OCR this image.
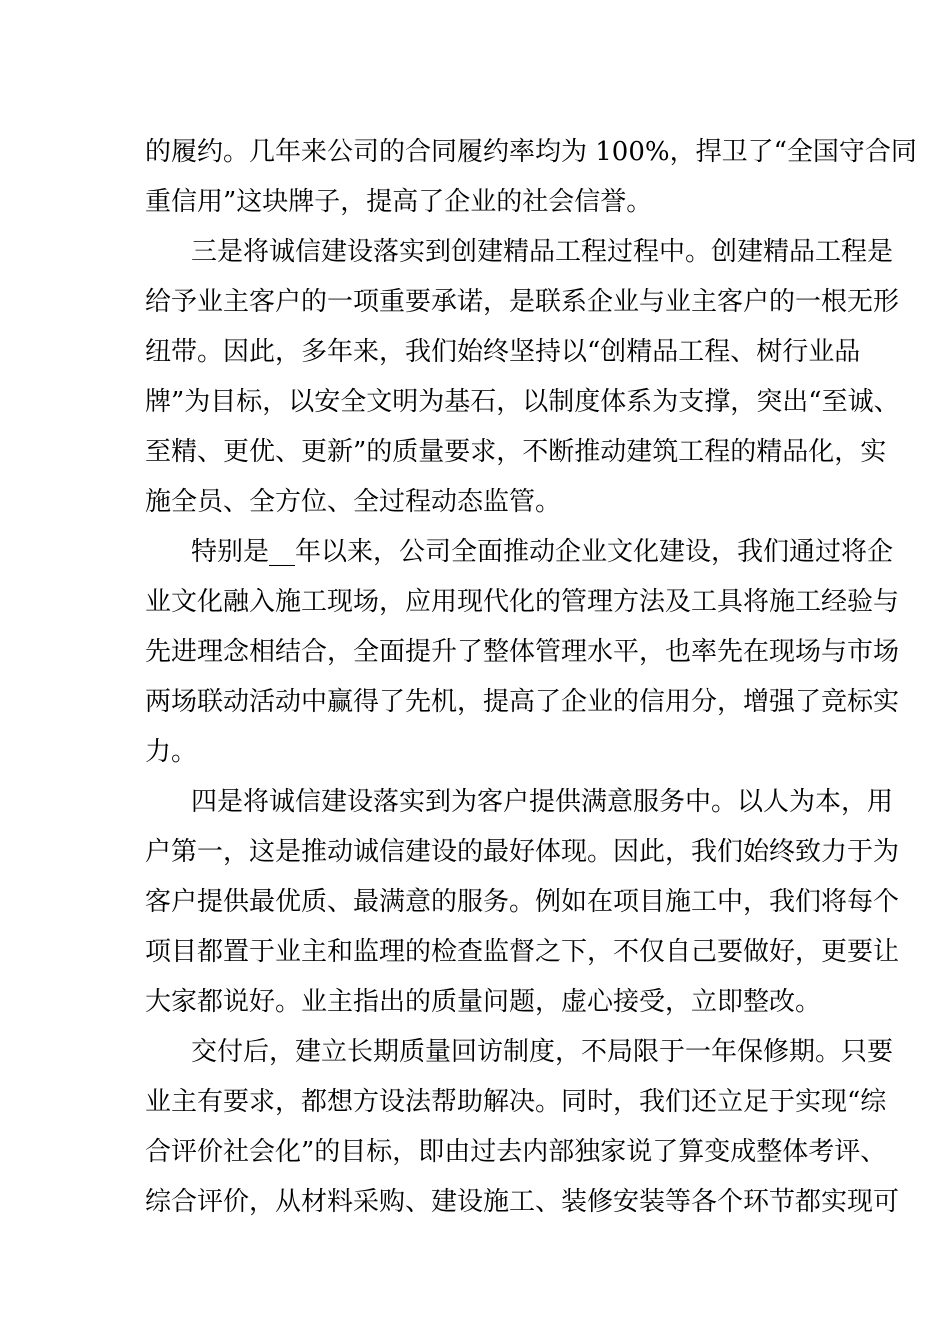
的履约。几年来公司的合同履约率均为 100%，捍卫了“全国守合同
重信用”这块牌子，提高了企业的社会信誉。
三是将诚信建设落实到创建精品工程过程中。创建精品工程是
给予业主客户的一项重要承诺，是联系企业与业主客户的一根无形
纽带。因此，多年来，我们始终坚持以“创精品工程、树行业品
牌”为目标，以安全文明为基石，以制度体系为支撑，突出“至诚、
至精、更优、更新”的质量要求，不断推动建筑工程的精品化，实
施全员、全方位、全过程动态监管。
特别是__年以来，公司全面推动企业文化建设，我们通过将企
业文化融入施工现场，应用现代化的管理方法及工具将施工经验与
先进理念相结合，全面提升了整体管理水平，也率先在现场与市场
两场联动活动中赢得了先机，提高了企业的信用分，增强了竞标实
力。
四是将诚信建设落实到为客户提供满意服务中。以人为本，用
户第一，这是推动诚信建设的最好体现。因此，我们始终致力于为
客户提供最优质、最满意的服务。例如在项目施工中，我们将每个
项目都置于业主和监理的检查监督之下，不仅自己要做好，更要让
大家都说好。业主指出的质量问题，虚心接受，立即整改。
交付后，建立长期质量回访制度，不局限于一年保修期。只要
业主有要求，都想方设法帮助解决。同时，我们还立足于实现“综
合评价社会化”的目标，即由过去内部独家说了算变成整体考评、
综合评价，从材料采购、建设施工、装修安装等各个环节都实现可
